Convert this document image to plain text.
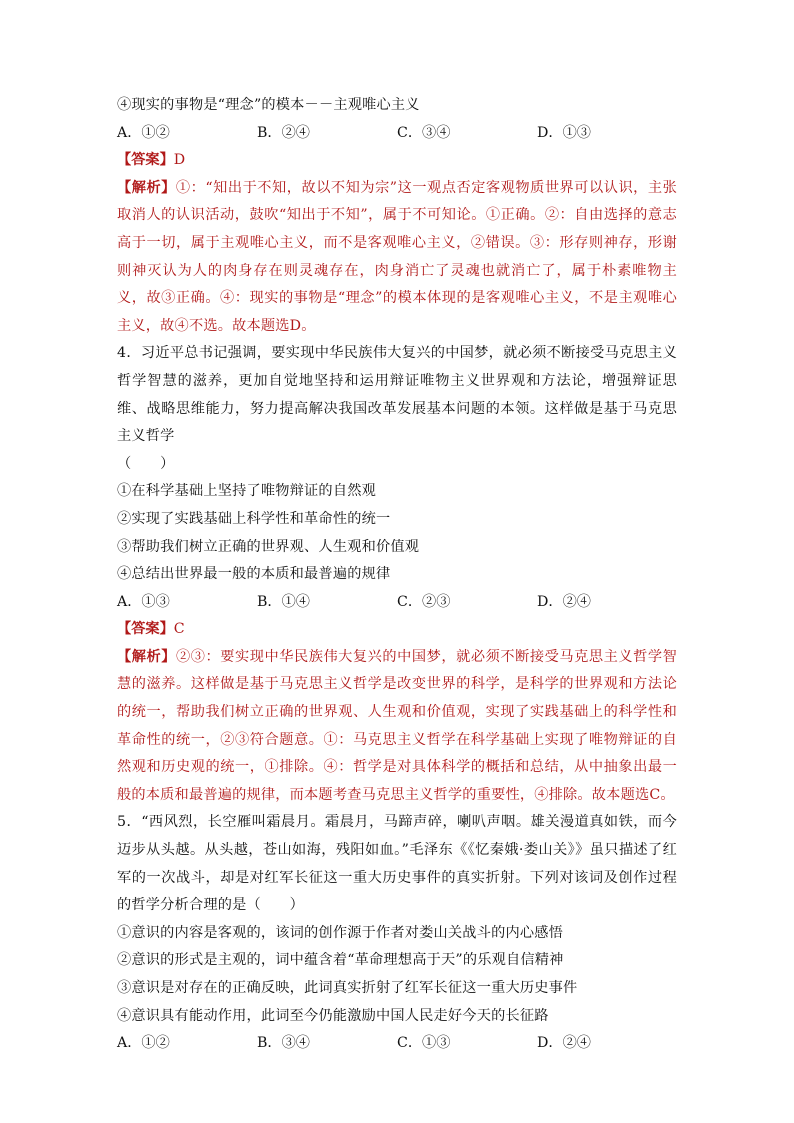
④现实的事物是“理念”的模本－－主观唯心主义
A．①②	B．②④	C．③④	D．①③
【答案】D
【解析】①：“知出于不知，故以不知为宗”这一观点否定客观物质世界可以认识，主张取消人的认识活动，鼓吹“知出于不知”，属于不可知论。①正确。②：自由选择的意志高于一切，属于主观唯心主义，而不是客观唯心主义，②错误。③：形存则神存，形谢则神灭认为人的肉身存在则灵魂存在，肉身消亡了灵魂也就消亡了，属于朴素唯物主义，故③正确。④：现实的事物是“理念”的模本体现的是客观唯心主义，不是主观唯心主义，故④不选。故本题选D。
4．习近平总书记强调，要实现中华民族伟大复兴的中国梦，就必须不断接受马克思主义哲学智慧的滋养，更加自觉地坚持和运用辩证唯物主义世界观和方法论，增强辩证思维、战略思维能力，努力提高解决我国改革发展基本问题的本领。这样做是基于马克思主义哲学
（　　）
①在科学基础上坚持了唯物辩证的自然观
②实现了实践基础上科学性和革命性的统一
③帮助我们树立正确的世界观、人生观和价值观
④总结出世界最一般的本质和最普遍的规律
A．①③	B．①④	C．②③	D．②④
【答案】C
【解析】②③：要实现中华民族伟大复兴的中国梦，就必须不断接受马克思主义哲学智慧的滋养。这样做是基于马克思主义哲学是改变世界的科学，是科学的世界观和方法论的统一，帮助我们树立正确的世界观、人生观和价值观，实现了实践基础上的科学性和革命性的统一，②③符合题意。①：马克思主义哲学在科学基础上实现了唯物辩证的自然观和历史观的统一，①排除。④：哲学是对具体科学的概括和总结，从中抽象出最一般的本质和最普遍的规律，而本题考查马克思主义哲学的重要性，④排除。故本题选C。
5．“西风烈，长空雁叫霜晨月。霜晨月，马蹄声碎，喇叭声咽。雄关漫道真如铁，而今迈步从头越。从头越，苍山如海，残阳如血。”毛泽东《《忆秦娥·娄山关》》虽只描述了红军的一次战斗，却是对红军长征这一重大历史事件的真实折射。下列对该词及创作过程的哲学分析合理的是（　　）
①意识的内容是客观的，该词的创作源于作者对娄山关战斗的内心感悟
②意识的形式是主观的，词中蕴含着“革命理想高于天”的乐观自信精神
③意识是对存在的正确反映，此词真实折射了红军长征这一重大历史事件
④意识具有能动作用，此词至今仍能激励中国人民走好今天的长征路
A．①②	B．③④	C．①③	D．②④
